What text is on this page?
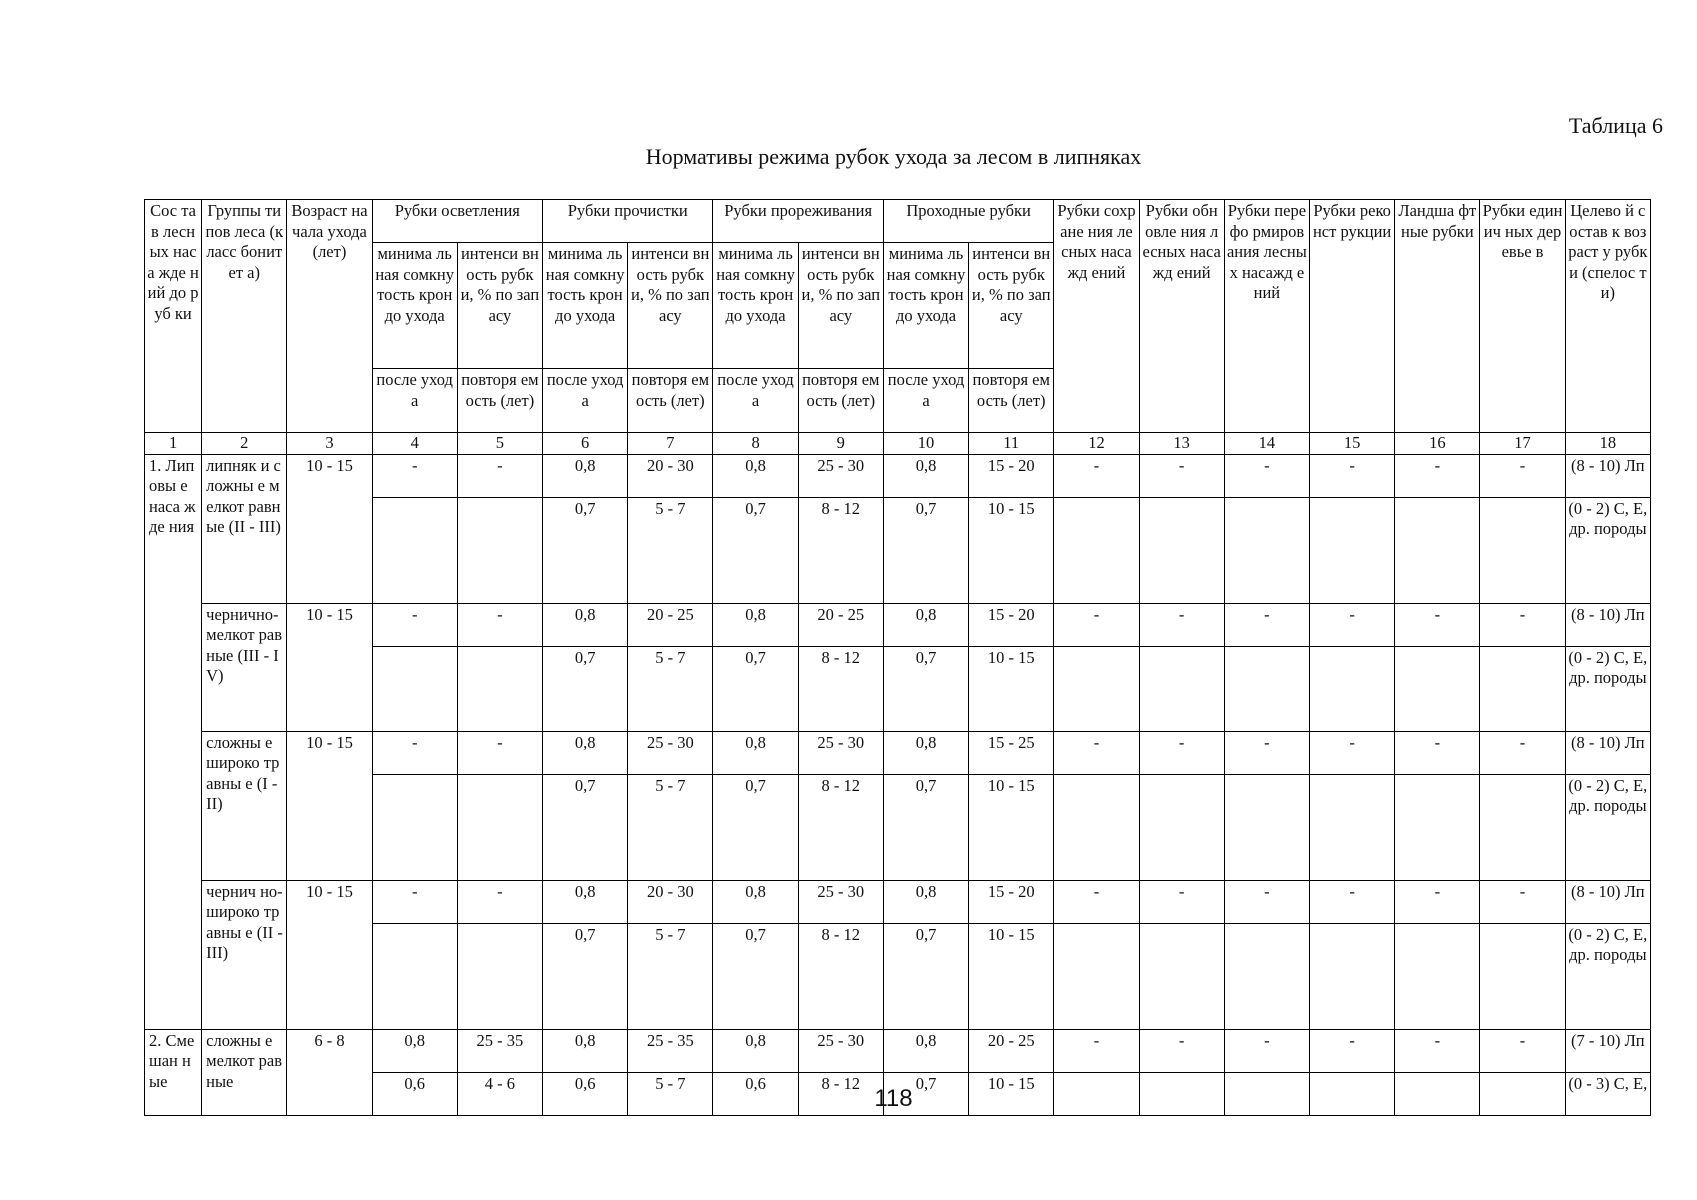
Таблица 6
Нормативы режима рубок ухода за лесом в липняках
Сос тав лесн ых наса жде ний до руб ки	Группы типов леса (класс бонитет а)	Возраст начала ухода (лет)	Рубки осветления		Рубки прочистки		Рубки прореживания		Проходные рубки		Рубки сохране ния лесных насажд ений	Рубки обновле ния лесных насажд ений	Рубки перефо рмиров ания лесных насажд ений	Рубки реконст рукции	Ландша фтные рубки	Рубки единич ных деревье в	Целево й состав к возраст у рубки (спелос ти)
			минима льная сомкну тость крон до ухода	интенси вность рубки, % по запасу	минима льная сомкну тость крон до ухода	интенси вность рубки, % по запасу	минима льная сомкну тость крон до ухода	интенси вность рубки, % по запасу	минима льная сомкну тость крон до ухода	интенси вность рубки, % по запасу							
			после ухода	повторя емость (лет)	после ухода	повторя емость (лет)	после ухода	повторя емость (лет)	после ухода	повторя емость (лет)							
1	2	3	4	5	6	7	8	9	10	11	12	13	14	15	16	17	18
1. Лип овы е наса жде ния	липняк и сложны е мелкот равные (II - III)	10 - 15	-	-	0,8	20 - 30	0,8	25 - 30	0,8	15 - 20	-	-	-	-	-	-	(8 - 10) Лп
					0,7	5 - 7	0,7	8 - 12	0,7	10 - 15							(0 - 2) С, Е, др. породы
	черничнo- мелкот равные (III - IV)	10 - 15	-	-	0,8	20 - 25	0,8	20 - 25	0,8	15 - 20	-	-	-	-	-	-	(8 - 10) Лп
					0,7	5 - 7	0,7	8 - 12	0,7	10 - 15							(0 - 2) С, Е, др. породы
	сложны е широко травны е (I - II)	10 - 15	-	-	0,8	25 - 30	0,8	25 - 30	0,8	15 - 25	-	-	-	-	-	-	(8 - 10) Лп
					0,7	5 - 7	0,7	8 - 12	0,7	10 - 15							(0 - 2) С, Е, др. породы
	чернич но- широко травны е (II - III)	10 - 15	-	-	0,8	20 - 30	0,8	25 - 30	0,8	15 - 20	-	-	-	-	-	-	(8 - 10) Лп
					0,7	5 - 7	0,7	8 - 12	0,7	10 - 15							(0 - 2) С, Е, др. породы
2. Сме шан ные	сложны е мелкот равные	6 - 8	0,8	25 - 35	0,8	25 - 35	0,8	25 - 30	0,8	20 - 25	-	-	-	-	-	-	(7 - 10) Лп
			0,6	4 - 6	0,6	5 - 7	0,6	8 - 12	0,7	10 - 15							(0 - 3) С, Е,
118
